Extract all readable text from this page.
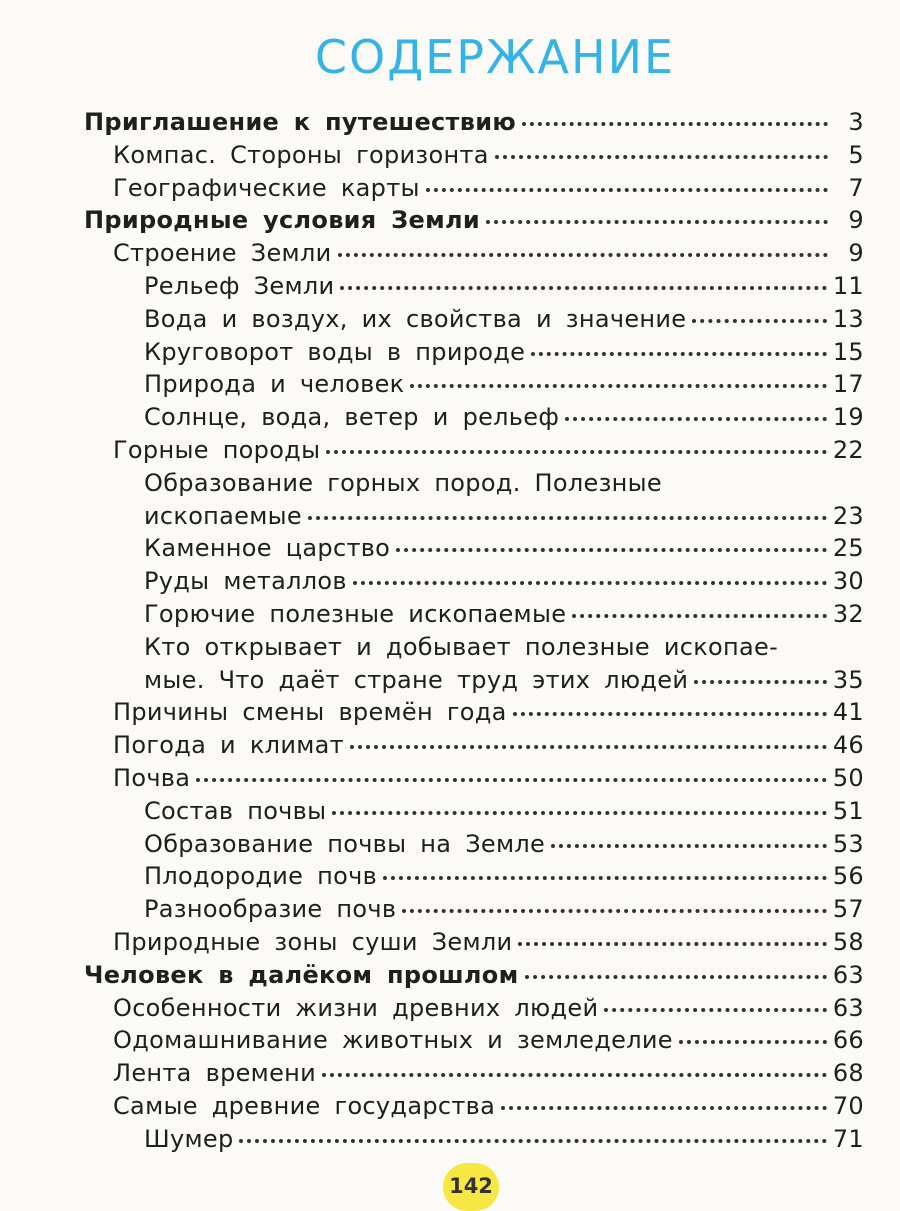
СОДЕРЖАНИЕ
Приглашение к путешествию	3
Компас. Стороны горизонта	5
Географические карты	7
Природные условия Земли	9
Строение Земли	9
Рельеф Земли	11
Вода и воздух, их свойства и значение	13
Круговорот воды в природе	15
Природа и человек	17
Солнце, вода, ветер и рельеф	19
Горные породы	22
Образование горных пород. Полезные
ископаемые	23
Каменное царство	25
Руды металлов	30
Горючие полезные ископаемые	32
Кто открывает и добывает полезные ископае-
мые. Что даёт стране труд этих людей	35
Причины смены времён года	41
Погода и климат	46
Почва	50
Состав почвы	51
Образование почвы на Земле	53
Плодородие почв	56
Разнообразие почв	57
Природные зоны суши Земли	58
Человек в далёком прошлом	63
Особенности жизни древних людей	63
Одомашнивание животных и земледелие	66
Лента времени	68
Самые древние государства	70
Шумер	71
142
